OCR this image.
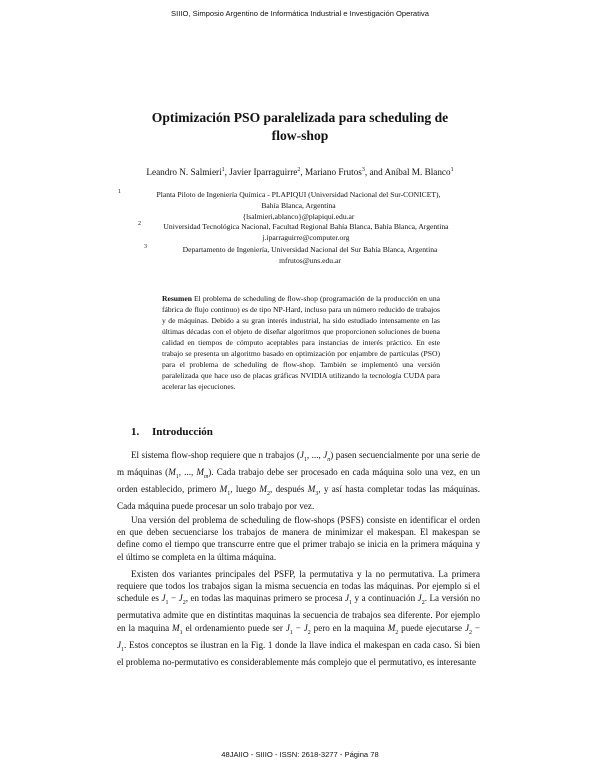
SIIIO, Simposio Argentino de Informática Industrial e Investigación Operativa
Optimización PSO paralelizada para scheduling de
flow-shop
Leandro N. Salmieri$^1$, Javier Iparraguirre$^2$, Mariano Frutos$^3$, and Aníbal M. Blanco$^1$
1	Planta Piloto de Ingeniería Química - PLAPIQUI (Universidad Nacional del Sur-CONICET),
Bahía Blanca, Argentina
{lsalmieri,ablanco}@plapiqui.edu.ar
2	Universidad Tecnológica Nacional, Facultad Regional Bahía Blanca, Bahía Blanca, Argentina
j.iparraguirre@computer.org
3	Departamento de Ingeniería, Universidad Nacional del Sur Bahía Blanca, Argentina
mfrutos@uns.edu.ar
Resumen El problema de scheduling de flow-shop (programación de la producción en una fábrica de flujo continuo) es de tipo NP-Hard, incluso para un número reducido de trabajos y de máquinas. Debido a su gran interés industrial, ha sido estudiado intensamente en las últimas décadas con el objeto de diseñar algoritmos que proporcionen soluciones de buena calidad en tiempos de cómputo aceptables para instancias de interés práctico. En este trabajo se presenta un algoritmo basado en optimización por enjambre de partículas (PSO) para el problema de scheduling de flow-shop. También se implementó una versión paralelizada que hace uso de placas gráficas NVIDIA utilizando la tecnología CUDA para acelerar las ejecuciones.
1. Introducción
El sistema flow-shop requiere que n trabajos ($J_1$, ..., $J_n$) pasen secuencialmente por una serie de m máquinas ($M_1$, ..., $M_m$). Cada trabajo debe ser procesado en cada máquina solo una vez, en un orden establecido, primero $M_1$, luego $M_2$, después $M_3$, y así hasta completar todas las máquinas. Cada máquina puede procesar un solo trabajo por vez.
Una versión del problema de scheduling de flow-shops (PSFS) consiste en identificar el orden en que deben secuenciarse los trabajos de manera de minimizar el makespan. El makespan se define como el tiempo que transcurre entre que el primer trabajo se inicia en la primera máquina y el último se completa en la última máquina.
Existen dos variantes principales del PSFP, la permutativa y la no permutativa. La primera requiere que todos los trabajos sigan la misma secuencia en todas las máquinas. Por ejemplo si el schedule es $J_1 - J_2$, en todas las maquinas primero se procesa $J_1$ y a continuación $J_2$. La versión no permutativa admite que en distintitas maquinas la secuencia de trabajos sea diferente. Por ejemplo en la maquina $M_1$ el ordenamiento puede ser $J_1 - J_2$ pero en la maquina $M_2$ puede ejecutarse $J_2 - J_1$. Estos conceptos se ilustran en la Fig. 1 donde la llave indica el makespan en cada caso. Si bien el problema no-permutativo es considerablemente más complejo que el permutativo, es interesante
48JAIIO - SIIIO - ISSN: 2618-3277 - Página 78
